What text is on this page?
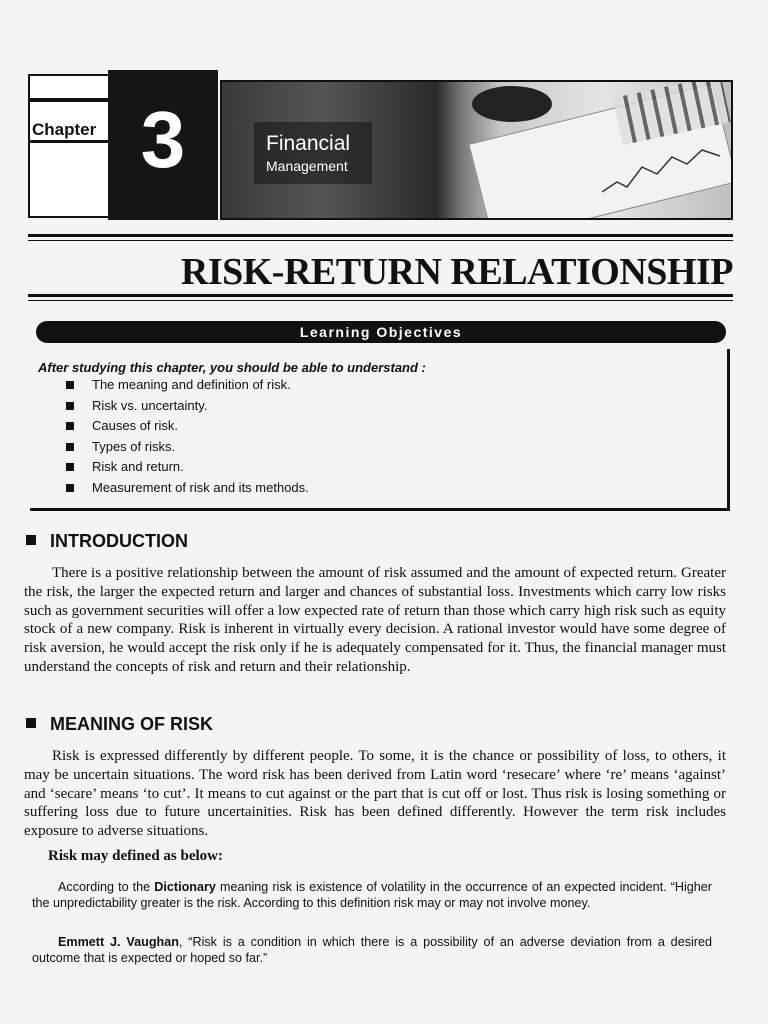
Chapter 3	Financial
Management
RISK-RETURN RELATIONSHIP
Learning Objectives
After studying this chapter, you should be able to understand :
The meaning and definition of risk.
Risk vs. uncertainty.
Causes of risk.
Types of risks.
Risk and return.
Measurement of risk and its methods.
INTRODUCTION

There is a positive relationship between the amount of risk assumed and the amount of expected return. Greater the risk, the larger the expected return and larger and chances of substantial loss. Investments which carry low risks such as government securities will offer a low expected rate of return than those which carry high risk such as equity stock of a new company. Risk is inherent in virtually every decision. A rational investor would have some degree of risk aversion, he would accept the risk only if he is adequately compensated for it. Thus, the financial manager must understand the concepts of risk and return and their relationship.

MEANING OF RISK

Risk is expressed differently by different people. To some, it is the chance or possibility of loss, to others, it may be uncertain situations. The word risk has been derived from Latin word ‘resecare’ where ‘re’ means ‘against’ and ‘secare’ means ‘to cut’. It means to cut against or the part that is cut off or lost. Thus risk is losing something or suffering loss due to future uncertainities. Risk has been defined differently. However the term risk includes exposure to adverse situations.

Risk may defined as below:

According to the Dictionary meaning risk is existence of volatility in the occurrence of an expected incident. “Higher the unpredictability greater is the risk. According to this definition risk may or may not involve money.

Emmett J. Vaughan, “Risk is a condition in which there is a possibility of an adverse deviation from a desired outcome that is expected or hoped so far.”
